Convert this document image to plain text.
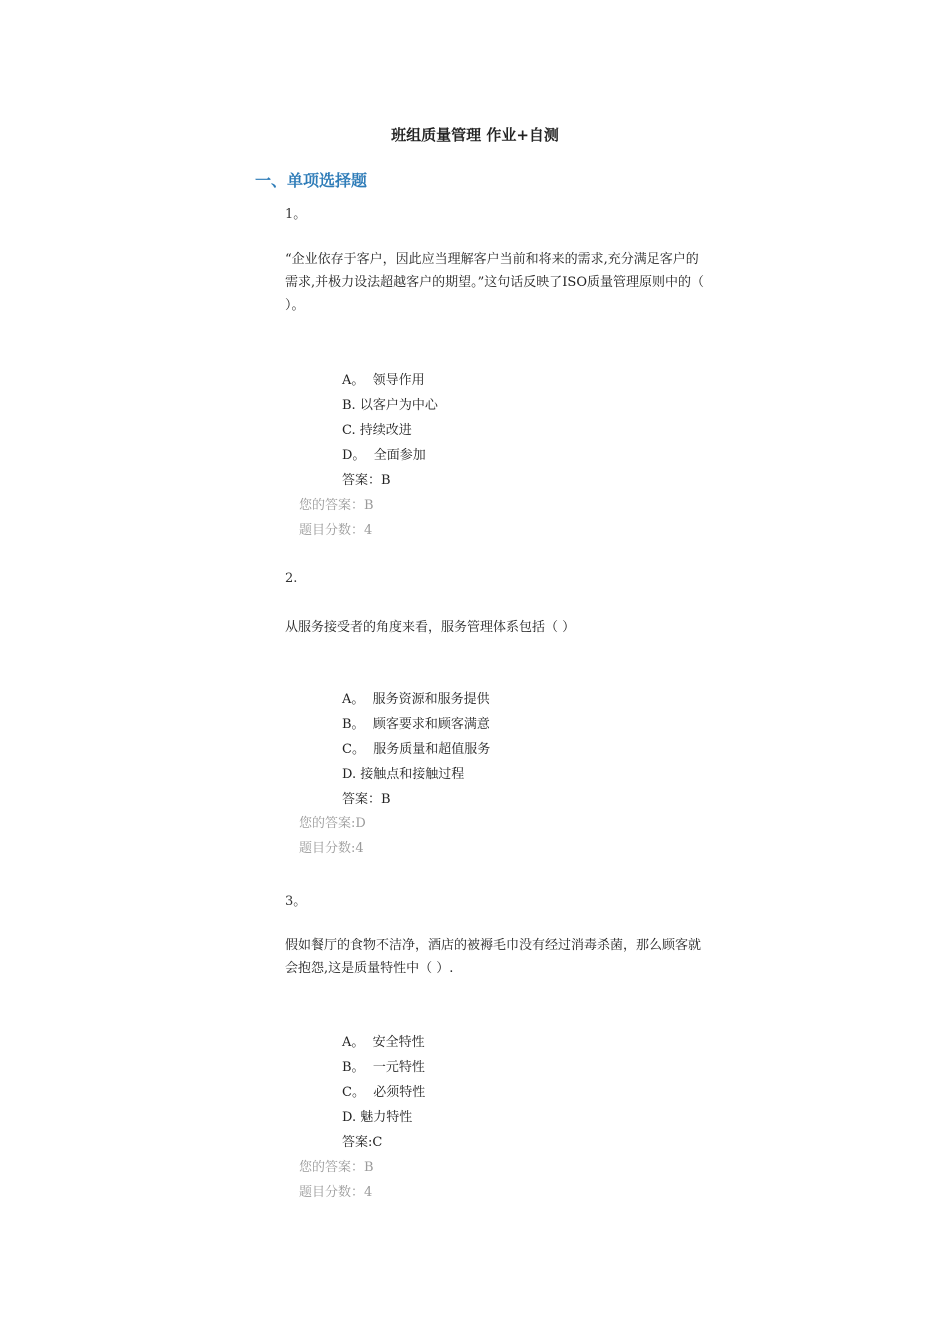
班组质量管理 作业+自测
一、单项选择题
1。
“企业依存于客户，因此应当理解客户当前和将来的需求,充分满足客户的需求,并极力设法超越客户的期望。”这句话反映了ISO质量管理原则中的（ ）。
A。 领导作用
B. 以客户为中心
C. 持续改进
D。 全面参加
答案：B
您的答案：B
题目分数：4
2.
从服务接受者的角度来看，服务管理体系包括（ ）
A。 服务资源和服务提供
B。 顾客要求和顾客满意
C。 服务质量和超值服务
D. 接触点和接触过程
答案：B
您的答案:D
题目分数:4
3。
假如餐厅的食物不洁净，酒店的被褥毛巾没有经过消毒杀菌，那么顾客就会抱怨,这是质量特性中（ ）.
A。 安全特性
B。 一元特性
C。 必须特性
D. 魅力特性
答案:C
您的答案：B
题目分数：4
